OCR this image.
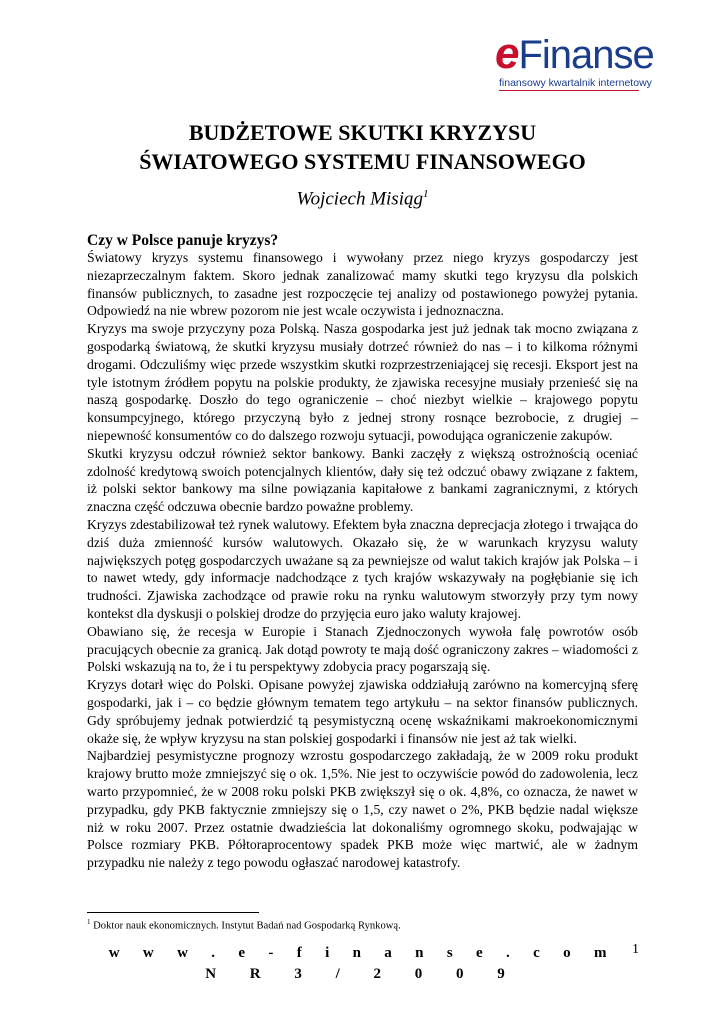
eFinanse
finansowy kwartalnik internetowy
BUDŻETOWE SKUTKI KRYZYSU
ŚWIATOWEGO SYSTEMU FINANSOWEGO
Wojciech Misiąg$^1$
Czy w Polsce panuje kryzys?

Światowy kryzys systemu finansowego i wywołany przez niego kryzys gospodarczy jest niezaprzeczalnym faktem. Skoro jednak zanalizować mamy skutki tego kryzysu dla polskich finansów publicznych, to zasadne jest rozpoczęcie tej analizy od postawionego powyżej pytania. Odpowiedź na nie wbrew pozorom nie jest wcale oczywista i jednoznaczna.

Kryzys ma swoje przyczyny poza Polską. Nasza gospodarka jest już jednak tak mocno związana z gospodarką światową, że skutki kryzysu musiały dotrzeć również do nas – i to kilkoma różnymi drogami. Odczuliśmy więc przede wszystkim skutki rozprzestrzeniającej się recesji. Eksport jest na tyle istotnym źródłem popytu na polskie produkty, że zjawiska recesyjne musiały przenieść się na naszą gospodarkę. Doszło do tego ograniczenie – choć niezbyt wielkie – krajowego popytu konsumpcyjnego, którego przyczyną było z jednej strony rosnące bezrobocie, z drugiej – niepewność konsumentów co do dalszego rozwoju sytuacji, powodująca ograniczenie zakupów.

Skutki kryzysu odczuł również sektor bankowy. Banki zaczęły z większą ostrożnością oceniać zdolność kredytową swoich potencjalnych klientów, dały się też odczuć obawy związane z faktem, iż polski sektor bankowy ma silne powiązania kapitałowe z bankami zagranicznymi, z których znaczna część odczuwa obecnie bardzo poważne problemy.

Kryzys zdestabilizował też rynek walutowy. Efektem była znaczna deprecjacja złotego i trwająca do dziś duża zmienność kursów walutowych. Okazało się, że w warunkach kryzysu waluty największych potęg gospodarczych uważane są za pewniejsze od walut takich krajów jak Polska – i to nawet wtedy, gdy informacje nadchodzące z tych krajów wskazywały na pogłębianie się ich trudności. Zjawiska zachodzące od prawie roku na rynku walutowym stworzyły przy tym nowy kontekst dla dyskusji o polskiej drodze do przyjęcia euro jako waluty krajowej.

Obawiano się, że recesja w Europie i Stanach Zjednoczonych wywoła falę powrotów osób pracujących obecnie za granicą. Jak dotąd powroty te mają dość ograniczony zakres – wiadomości z Polski wskazują na to, że i tu perspektywy zdobycia pracy pogarszają się.

Kryzys dotarł więc do Polski. Opisane powyżej zjawiska oddziałują zarówno na komercyjną sferę gospodarki, jak i – co będzie głównym tematem tego artykułu – na sektor finansów publicznych. Gdy spróbujemy jednak potwierdzić tą pesymistyczną ocenę wskaźnikami makroekonomicznymi okaże się, że wpływ kryzysu na stan polskiej gospodarki i finansów nie jest aż tak wielki.

Najbardziej pesymistyczne prognozy wzrostu gospodarczego zakładają, że w 2009 roku produkt krajowy brutto może zmniejszyć się o ok. 1,5%. Nie jest to oczywiście powód do zadowolenia, lecz warto przypomnieć, że w 2008 roku polski PKB zwiększył się o ok. 4,8%, co oznacza, że nawet w przypadku, gdy PKB faktycznie zmniejszy się o 1,5, czy nawet o 2%, PKB będzie nadal większe niż w roku 2007. Przez ostatnie dwadzieścia lat dokonaliśmy ogromnego skoku, podwajając w Polsce rozmiary PKB. Półtoraprocentowy spadek PKB może więc martwić, ale w żadnym przypadku nie należy z tego powodu ogłaszać narodowej katastrofy.

$^1$ Doktor nauk ekonomicznych. Instytut Badań nad Gospodarką Rynkową.
w w w . e - f i n a n s e . c o m
N R 3 / 2 0 0 9
1
